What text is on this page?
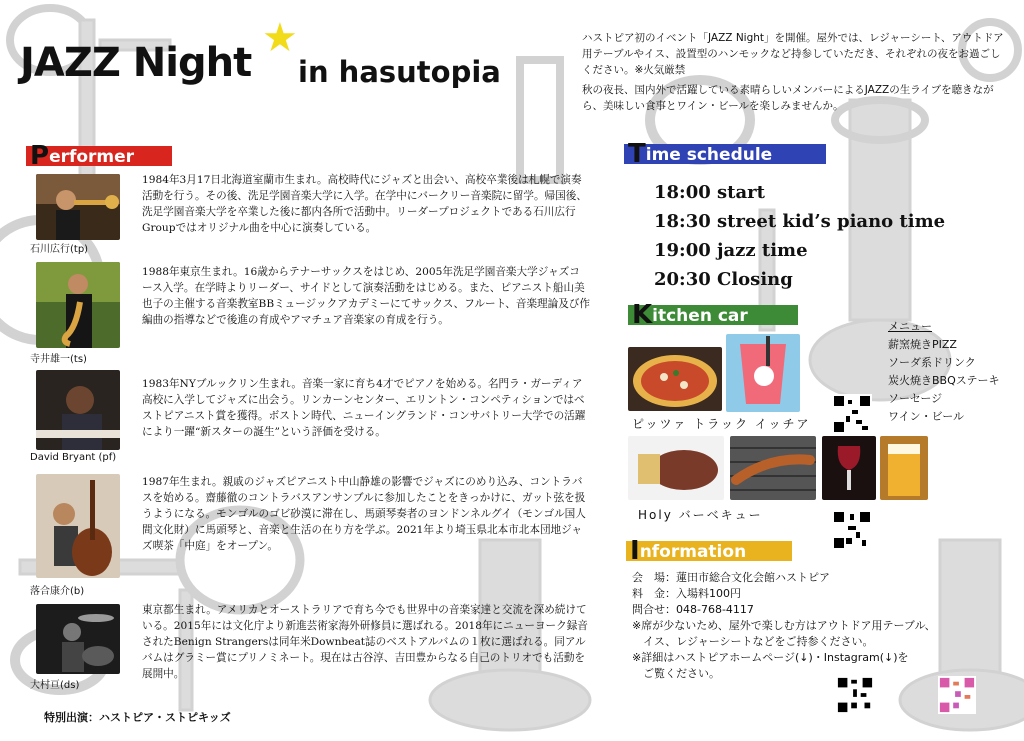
JAZZ Night
★
in hasutopia

ハストピア初のイベント「JAZZ Night」を開催。屋外では、レジャーシート、アウトドア用テーブルやイス、設置型のハンモックなど持参していただき、それぞれの夜をお過ごしください。※火気厳禁

秋の夜長、国内外で活躍している素晴らしいメンバーによるJAZZの生ライブを聴きながら、美味しい食事とワイン・ビールを楽しみませんか。

Performer
石川広行(tp)
1984年3月17日北海道室蘭市生まれ。高校時代にジャズと出会い、高校卒業後は札幌で演奏活動を行う。その後、洗足学園音楽大学に入学。在学中にバークリー音楽院に留学。帰国後、洗足学園音楽大学を卒業した後に都内各所で活動中。リーダープロジェクトである石川広行Groupではオリジナル曲を中心に演奏している。
寺井雄一(ts)
1988年東京生まれ。16歳からテナーサックスをはじめ、2005年洗足学園音楽大学ジャズコース入学。在学時よりリーダー、サイドとして演奏活動をはじめる。また、ピアニスト船山美也子の主催する音楽教室BBミュージックアカデミーにてサックス、フルート、音楽理論及び作編曲の指導などで後進の育成やアマチュア音楽家の育成を行う。
David Bryant (pf)
1983年NYブルックリン生まれ。音楽一家に育ち4才でピアノを始める。名門ラ・ガーディア高校に入学してジャズに出会う。リンカーンセンター、エリントン・コンペティションではベストピアニスト賞を獲得。ボストン時代、ニューイングランド・コンサバトリー大学での活躍により一躍“新スターの誕生”という評価を受ける。
落合康介(b)
1987年生まれ。親戚のジャズピアニスト中山静雄の影響でジャズにのめり込み、コントラバスを始める。齋藤徹のコントラバスアンサンブルに参加したことをきっかけに、ガット弦を扱うようになる。モンゴルのゴビ砂漠に滞在し、馬頭琴奏者のヨンドンネルグイ（モンゴル国人間文化財）に馬頭琴と、音楽と生活の在り方を学ぶ。2021年より埼玉県北本市北本団地ジャズ喫茶「中庭」をオープン。
大村亘(ds)
東京都生まれ。アメリカとオーストラリアで育ち今でも世界中の音楽家達と交流を深め続けている。2015年には文化庁より新進芸術家海外研修員に選ばれる。2018年にニューヨーク録音されたBenign Strangersは同年米Downbeat誌のベストアルバムの１枚に選ばれる。同アルバムはグラミー賞にプリノミネート。現在は古谷淳、吉田豊からなる自己のトリオでも活動を展開中。
特別出演：ハストピア・ストピキッズ
Time schedule
18:00 start
18:30 street kid’s piano time
19:00 jazz time
20:30 Closing
Kitchen car
ピッツァ トラック イッチア
Holy バーベキュー
メニュー
薪窯焼きPIZZ
ソーダ系ドリンク
炭火焼きBBQステーキ
ソーセージ
ワイン・ビール
Information
会　場：蓮田市総合文化会館ハストピア
料　金：入場料100円
問合せ：048-768-4117
※席が少ないため、屋外で楽しむ方はアウトドア用テーブル、
　イス、レジャーシートなどをご持参ください。
※詳細はハストピアホームページ(↓)・Instagram(↓)を
　ご覧ください。
